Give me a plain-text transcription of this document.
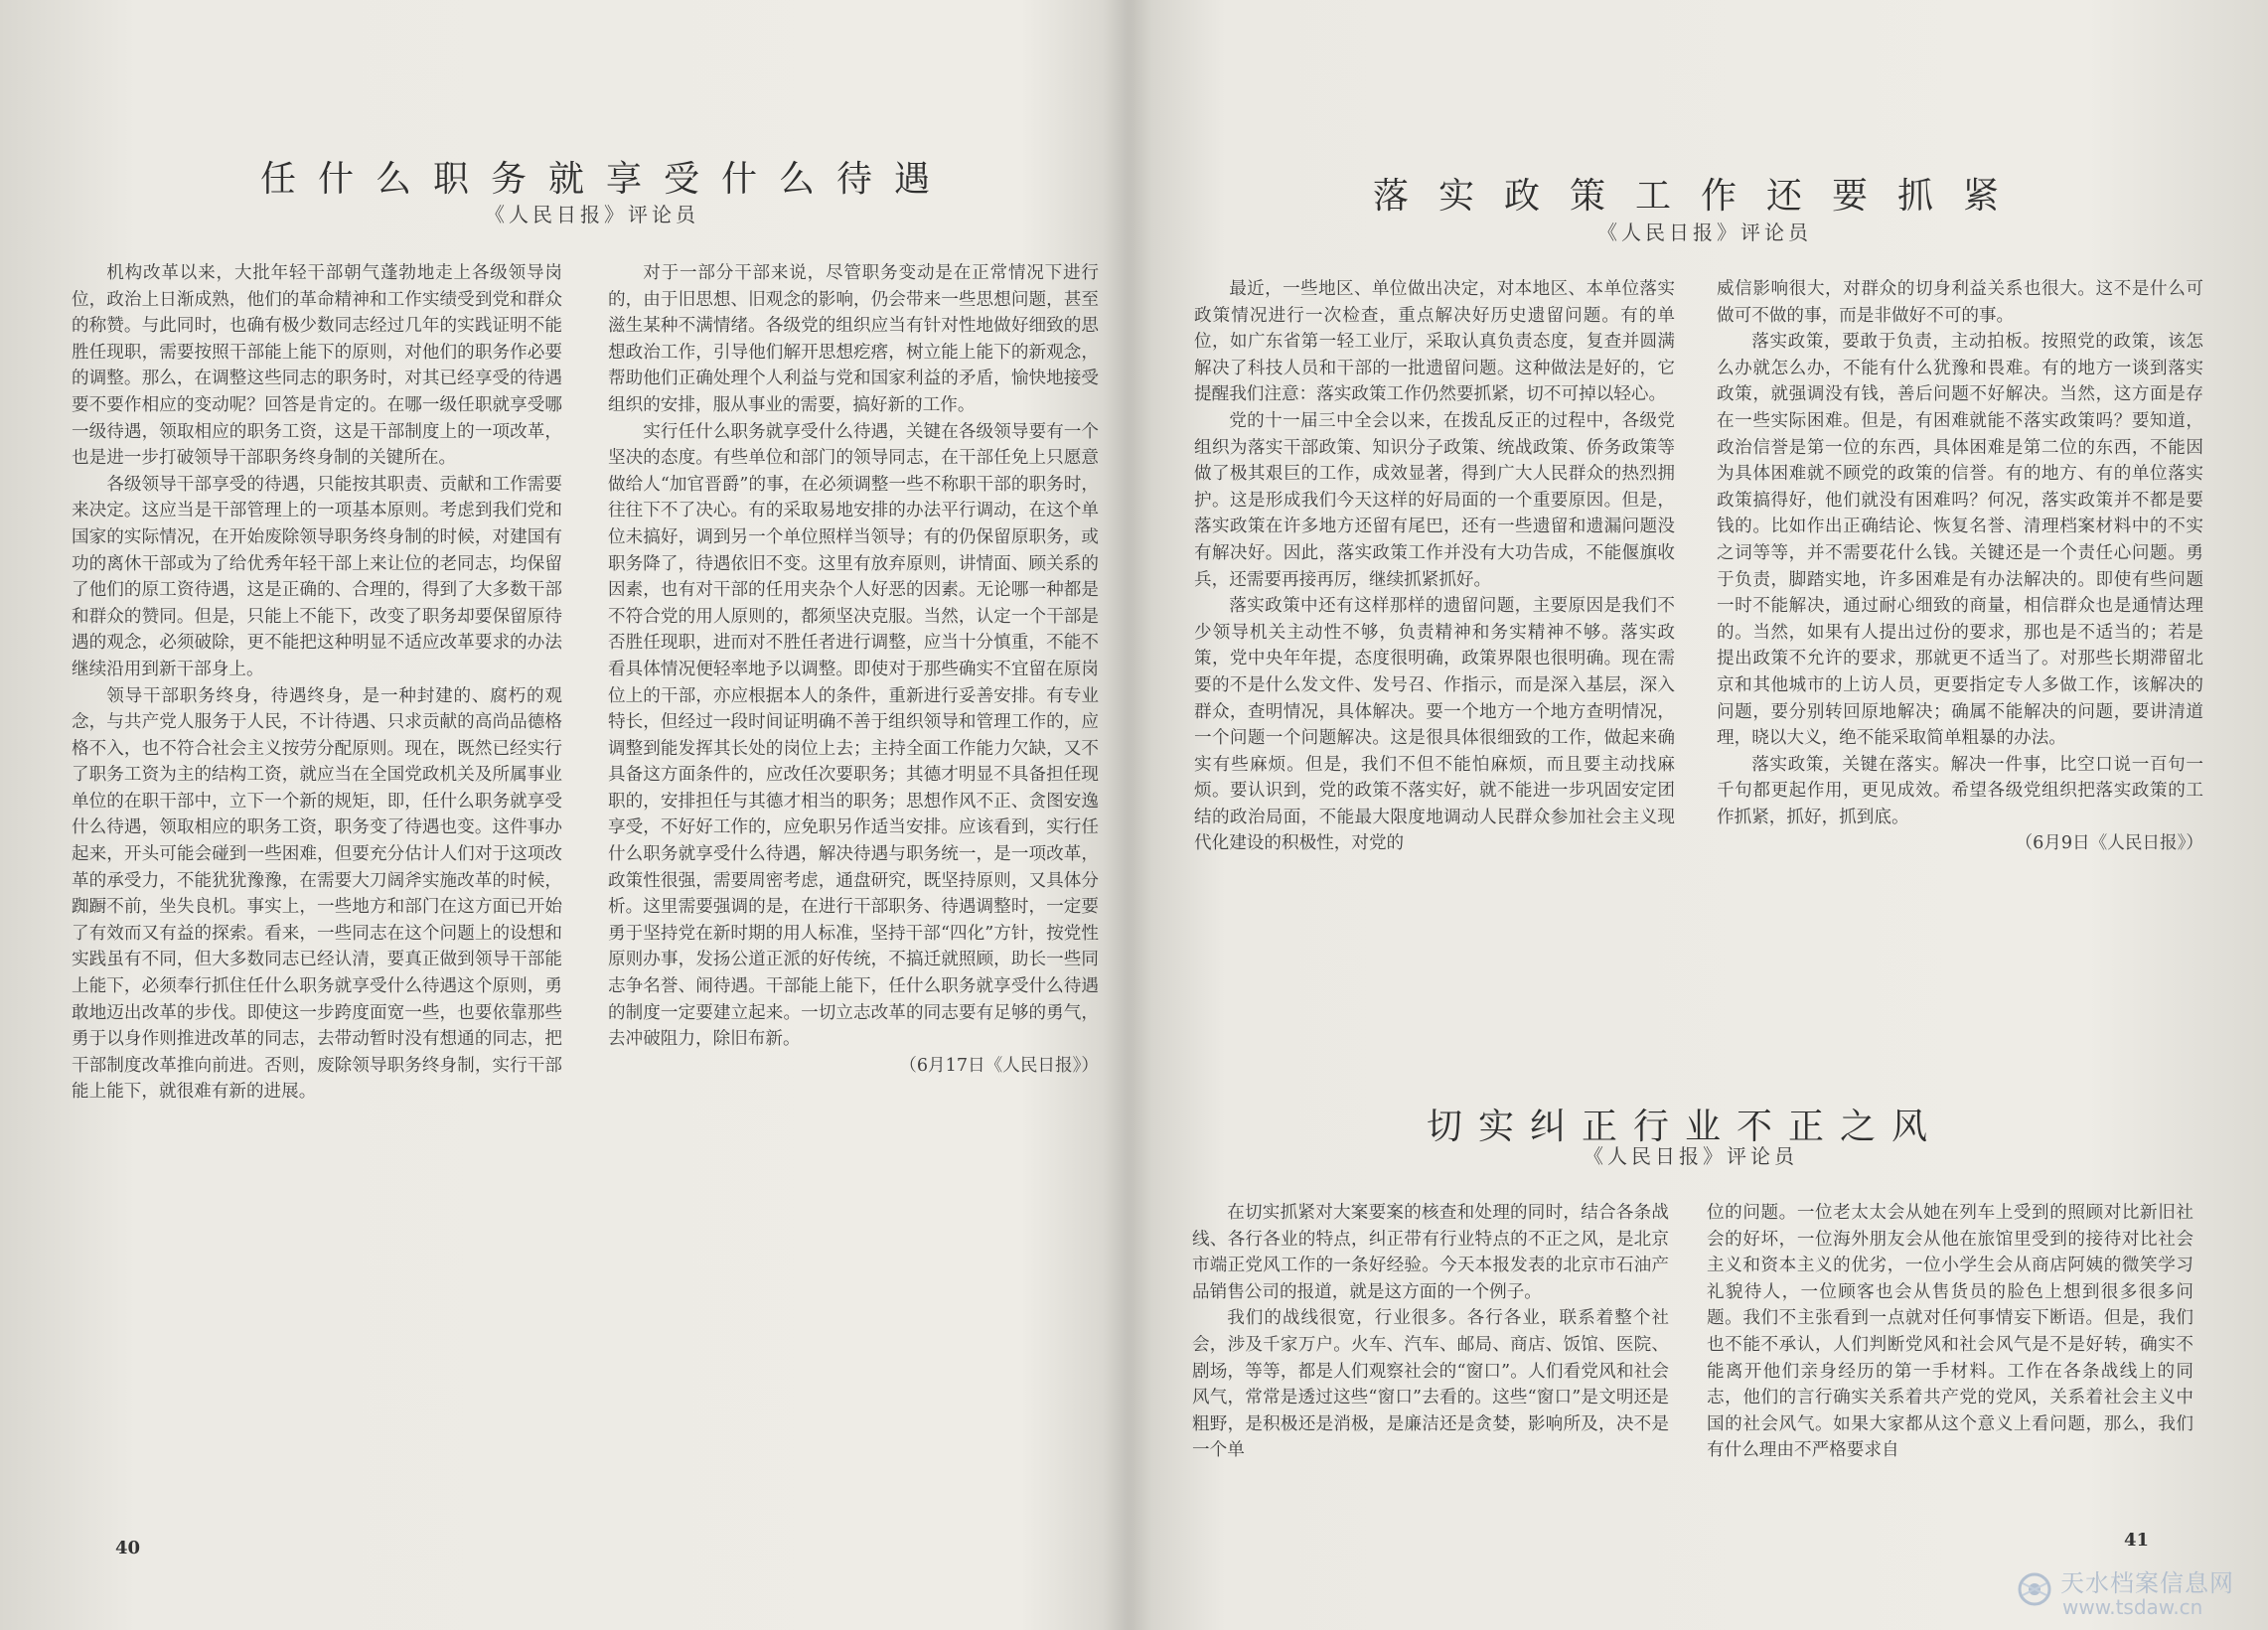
任什么职务就享受什么待遇
《人民日报》评论员

机构改革以来，大批年轻干部朝气蓬勃地走上各级领导岗位，政治上日渐成熟，他们的革命精神和工作实绩受到党和群众的称赞。与此同时，也确有极少数同志经过几年的实践证明不能胜任现职，需要按照干部能上能下的原则，对他们的职务作必要的调整。那么，在调整这些同志的职务时，对其已经享受的待遇要不要作相应的变动呢？回答是肯定的。在哪一级任职就享受哪一级待遇，领取相应的职务工资，这是干部制度上的一项改革，也是进一步打破领导干部职务终身制的关键所在。

各级领导干部享受的待遇，只能按其职责、贡献和工作需要来决定。这应当是干部管理上的一项基本原则。考虑到我们党和国家的实际情况，在开始废除领导职务终身制的时候，对建国有功的离休干部或为了给优秀年轻干部上来让位的老同志，均保留了他们的原工资待遇，这是正确的、合理的，得到了大多数干部和群众的赞同。但是，只能上不能下，改变了职务却要保留原待遇的观念，必须破除，更不能把这种明显不适应改革要求的办法继续沿用到新干部身上。

领导干部职务终身，待遇终身，是一种封建的、腐朽的观念，与共产党人服务于人民，不计待遇、只求贡献的高尚品德格格不入，也不符合社会主义按劳分配原则。现在，既然已经实行了职务工资为主的结构工资，就应当在全国党政机关及所属事业单位的在职干部中，立下一个新的规矩，即，任什么职务就享受什么待遇，领取相应的职务工资，职务变了待遇也变。这件事办起来，开头可能会碰到一些困难，但要充分估计人们对于这项改革的承受力，不能犹犹豫豫，在需要大刀阔斧实施改革的时候，踟蹰不前，坐失良机。事实上，一些地方和部门在这方面已开始了有效而又有益的探索。看来，一些同志在这个问题上的设想和实践虽有不同，但大多数同志已经认清，要真正做到领导干部能上能下，必须奉行抓住任什么职务就享受什么待遇这个原则，勇敢地迈出改革的步伐。即使这一步跨度面宽一些，也要依靠那些勇于以身作则推进改革的同志，去带动暂时没有想通的同志，把干部制度改革推向前进。否则，废除领导职务终身制，实行干部能上能下，就很难有新的进展。

对于一部分干部来说，尽管职务变动是在正常情况下进行的，由于旧思想、旧观念的影响，仍会带来一些思想问题，甚至滋生某种不满情绪。各级党的组织应当有针对性地做好细致的思想政治工作，引导他们解开思想疙瘩，树立能上能下的新观念，帮助他们正确处理个人利益与党和国家利益的矛盾，愉快地接受组织的安排，服从事业的需要，搞好新的工作。

实行任什么职务就享受什么待遇，关键在各级领导要有一个坚决的态度。有些单位和部门的领导同志，在干部任免上只愿意做给人“加官晋爵”的事，在必须调整一些不称职干部的职务时，往往下不了决心。有的采取易地安排的办法平行调动，在这个单位未搞好，调到另一个单位照样当领导；有的仍保留原职务，或职务降了，待遇依旧不变。这里有放弃原则，讲情面、顾关系的因素，也有对干部的任用夹杂个人好恶的因素。无论哪一种都是不符合党的用人原则的，都须坚决克服。当然，认定一个干部是否胜任现职，进而对不胜任者进行调整，应当十分慎重，不能不看具体情况便轻率地予以调整。即使对于那些确实不宜留在原岗位上的干部，亦应根据本人的条件，重新进行妥善安排。有专业特长，但经过一段时间证明确不善于组织领导和管理工作的，应调整到能发挥其长处的岗位上去；主持全面工作能力欠缺，又不具备这方面条件的，应改任次要职务；其德才明显不具备担任现职的，安排担任与其德才相当的职务；思想作风不正、贪图安逸享受，不好好工作的，应免职另作适当安排。应该看到，实行任什么职务就享受什么待遇，解决待遇与职务统一，是一项改革，政策性很强，需要周密考虑，通盘研究，既坚持原则，又具体分析。这里需要强调的是，在进行干部职务、待遇调整时，一定要勇于坚持党在新时期的用人标准，坚持干部“四化”方针，按党性原则办事，发扬公道正派的好传统，不搞迁就照顾，助长一些同志争名誉、闹待遇。干部能上能下，任什么职务就享受什么待遇的制度一定要建立起来。一切立志改革的同志要有足够的勇气，去冲破阻力，除旧布新。

（6月17日《人民日报》）

40
落实政策工作还要抓紧
《人民日报》评论员

最近，一些地区、单位做出决定，对本地区、本单位落实政策情况进行一次检查，重点解决好历史遗留问题。有的单位，如广东省第一轻工业厅，采取认真负责态度，复查并圆满解决了科技人员和干部的一批遗留问题。这种做法是好的，它提醒我们注意：落实政策工作仍然要抓紧，切不可掉以轻心。

党的十一届三中全会以来，在拨乱反正的过程中，各级党组织为落实干部政策、知识分子政策、统战政策、侨务政策等做了极其艰巨的工作，成效显著，得到广大人民群众的热烈拥护。这是形成我们今天这样的好局面的一个重要原因。但是，落实政策在许多地方还留有尾巴，还有一些遗留和遗漏问题没有解决好。因此，落实政策工作并没有大功告成，不能偃旗收兵，还需要再接再厉，继续抓紧抓好。

落实政策中还有这样那样的遗留问题，主要原因是我们不少领导机关主动性不够，负责精神和务实精神不够。落实政策，党中央年年提，态度很明确，政策界限也很明确。现在需要的不是什么发文件、发号召、作指示，而是深入基层，深入群众，查明情况，具体解决。要一个地方一个地方查明情况，一个问题一个问题解决。这是很具体很细致的工作，做起来确实有些麻烦。但是，我们不但不能怕麻烦，而且要主动找麻烦。要认识到，党的政策不落实好，就不能进一步巩固安定团结的政治局面，不能最大限度地调动人民群众参加社会主义现代化建设的积极性，对党的

威信影响很大，对群众的切身利益关系也很大。这不是什么可做可不做的事，而是非做好不可的事。

落实政策，要敢于负责，主动拍板。按照党的政策，该怎么办就怎么办，不能有什么犹豫和畏难。有的地方一谈到落实政策，就强调没有钱，善后问题不好解决。当然，这方面是存在一些实际困难。但是，有困难就能不落实政策吗？要知道，政治信誉是第一位的东西，具体困难是第二位的东西，不能因为具体困难就不顾党的政策的信誉。有的地方、有的单位落实政策搞得好，他们就没有困难吗？何况，落实政策并不都是要钱的。比如作出正确结论、恢复名誉、清理档案材料中的不实之词等等，并不需要花什么钱。关键还是一个责任心问题。勇于负责，脚踏实地，许多困难是有办法解决的。即使有些问题一时不能解决，通过耐心细致的商量，相信群众也是通情达理的。当然，如果有人提出过份的要求，那也是不适当的；若是提出政策不允许的要求，那就更不适当了。对那些长期滞留北京和其他城市的上访人员，更要指定专人多做工作，该解决的问题，要分别转回原地解决；确属不能解决的问题，要讲清道理，晓以大义，绝不能采取简单粗暴的办法。

落实政策，关键在落实。解决一件事，比空口说一百句一千句都更起作用，更见成效。希望各级党组织把落实政策的工作抓紧，抓好，抓到底。

（6月9日《人民日报》）

切实纠正行业不正之风
《人民日报》评论员

在切实抓紧对大案要案的核查和处理的同时，结合各条战线、各行各业的特点，纠正带有行业特点的不正之风，是北京市端正党风工作的一条好经验。今天本报发表的北京市石油产品销售公司的报道，就是这方面的一个例子。

我们的战线很宽，行业很多。各行各业，联系着整个社会，涉及千家万户。火车、汽车、邮局、商店、饭馆、医院、剧场，等等，都是人们观察社会的“窗口”。人们看党风和社会风气，常常是透过这些“窗口”去看的。这些“窗口”是文明还是粗野，是积极还是消极，是廉洁还是贪婪，影响所及，决不是一个单

位的问题。一位老太太会从她在列车上受到的照顾对比新旧社会的好坏，一位海外朋友会从他在旅馆里受到的接待对比社会主义和资本主义的优劣，一位小学生会从商店阿姨的微笑学习礼貌待人，一位顾客也会从售货员的脸色上想到很多很多问题。我们不主张看到一点就对任何事情妄下断语。但是，我们也不能不承认，人们判断党风和社会风气是不是好转，确实不能离开他们亲身经历的第一手材料。工作在各条战线上的同志，他们的言行确实关系着共产党的党风，关系着社会主义中国的社会风气。如果大家都从这个意义上看问题，那么，我们有什么理由不严格要求自

41
天水档案信息网
www.tsdaw.cn
